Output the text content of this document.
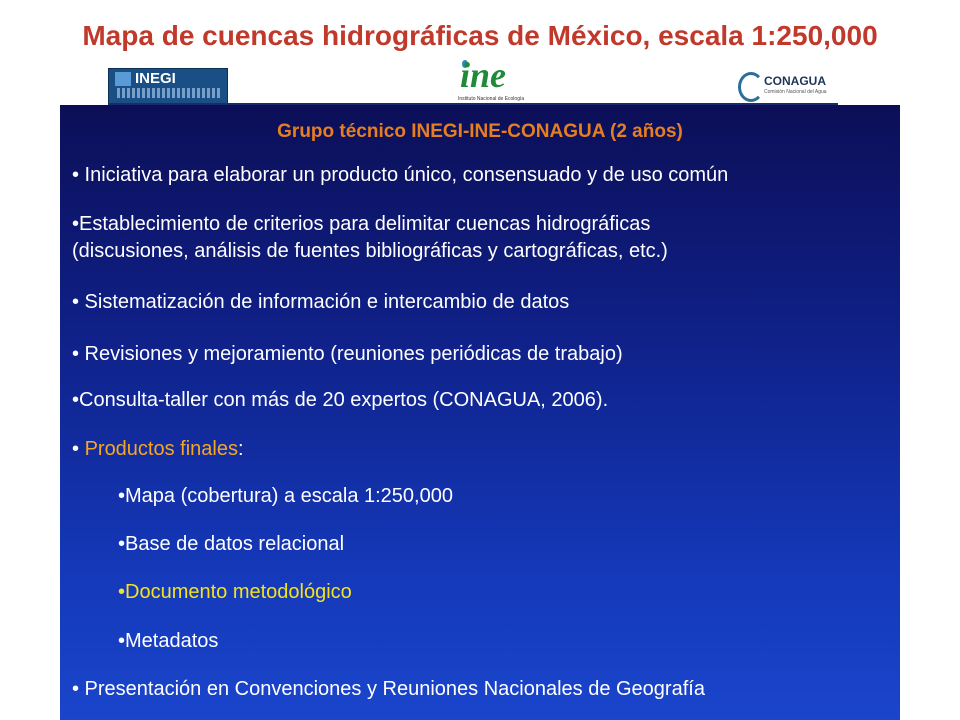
Mapa de cuencas hidrográficas de México, escala 1:250,000
INEGI	ine
Instituto Nacional de Ecología
CONAGUA
Comisión Nacional del Agua
Grupo técnico INEGI-INE-CONAGUA (2 años)
• Iniciativa para elaborar un producto único, consensuado y de uso común
•Establecimiento de criterios para delimitar cuencas hidrográficas
(discusiones, análisis de fuentes bibliográficas y cartográficas, etc.)
• Sistematización de información e intercambio de datos
• Revisiones y mejoramiento (reuniones periódicas de trabajo)
•Consulta-taller con más de 20 expertos (CONAGUA, 2006).
• Productos finales:
•Mapa (cobertura) a escala 1:250,000
•Base de datos relacional
•Documento metodológico
•Metadatos
• Presentación en Convenciones y Reuniones Nacionales de Geografía
